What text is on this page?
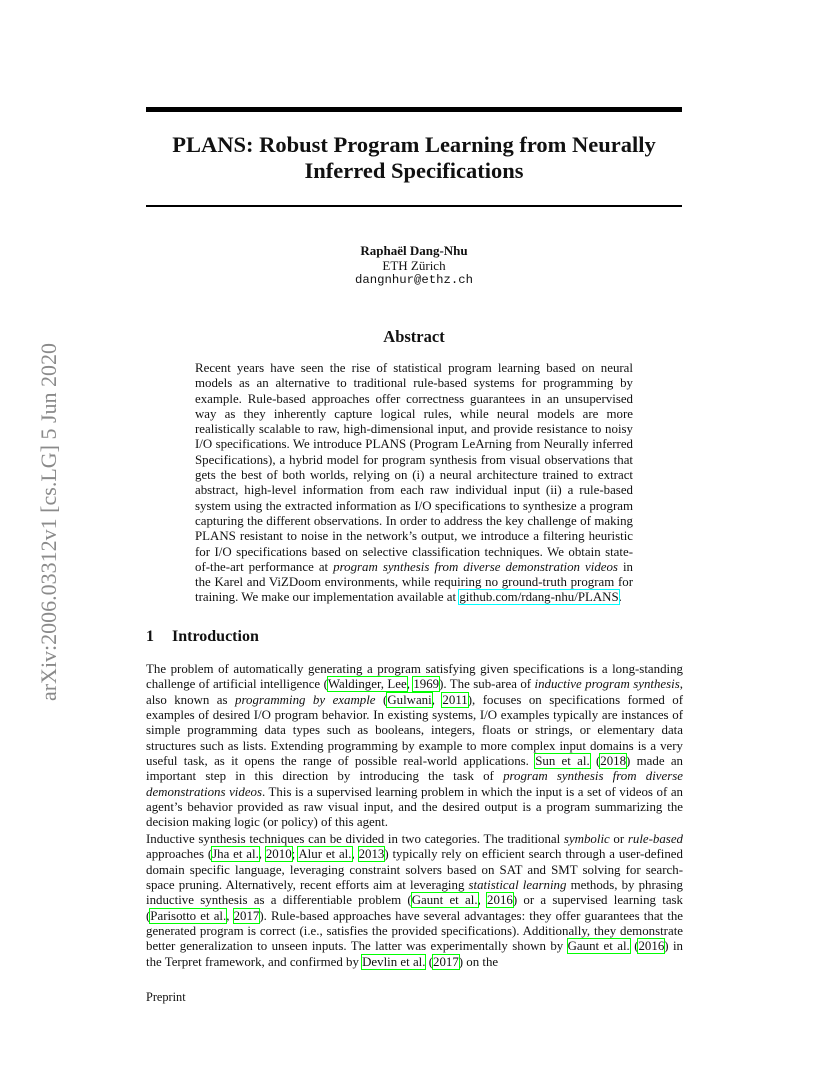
arXiv:2006.03312v1 [cs.LG] 5 Jun 2020
PLANS: Robust Program Learning from Neurally
Inferred Specifications
Raphaël Dang-Nhu
ETH Zürich
dangnhur@ethz.ch
Abstract
Recent years have seen the rise of statistical program learning based on neural models as an alternative to traditional rule-based systems for programming by example. Rule-based approaches offer correctness guarantees in an unsupervised way as they inherently capture logical rules, while neural models are more realistically scalable to raw, high-dimensional input, and provide resistance to noisy I/O specifications. We introduce PLANS (Program LeArning from Neurally inferred Specifications), a hybrid model for program synthesis from visual observations that gets the best of both worlds, relying on (i) a neural architecture trained to extract abstract, high-level information from each raw individual input (ii) a rule-based system using the extracted information as I/O specifications to synthesize a program capturing the different observations. In order to address the key challenge of making PLANS resistant to noise in the network’s output, we introduce a filtering heuristic for I/O specifications based on selective classification techniques. We obtain state-of-the-art performance at program synthesis from diverse demonstration videos in the Karel and ViZDoom environments, while requiring no ground-truth program for training. We make our implementation available at github.com/rdang-nhu/PLANS.
1 Introduction

The problem of automatically generating a program satisfying given specifications is a long-standing challenge of artificial intelligence (Waldinger, Lee, 1969). The sub-area of inductive program synthesis, also known as programming by example (Gulwani, 2011), focuses on specifications formed of examples of desired I/O program behavior. In existing systems, I/O examples typically are instances of simple programming data types such as booleans, integers, floats or strings, or elementary data structures such as lists. Extending programming by example to more complex input domains is a very useful task, as it opens the range of possible real-world applications. Sun et al. (2018) made an important step in this direction by introducing the task of program synthesis from diverse demonstrations videos. This is a supervised learning problem in which the input is a set of videos of an agent’s behavior provided as raw visual input, and the desired output is a program summarizing the decision making logic (or policy) of this agent.

Inductive synthesis techniques can be divided in two categories. The traditional symbolic or rule-based approaches (Jha et al., 2010; Alur et al., 2013) typically rely on efficient search through a user-defined domain specific language, leveraging constraint solvers based on SAT and SMT solving for search-space pruning. Alternatively, recent efforts aim at leveraging statistical learning methods, by phrasing inductive synthesis as a differentiable problem (Gaunt et al., 2016) or a supervised learning task (Parisotto et al., 2017). Rule-based approaches have several advantages: they offer guarantees that the generated program is correct (i.e., satisfies the provided specifications). Additionally, they demonstrate better generalization to unseen inputs. The latter was experimentally shown by Gaunt et al. (2016) in the Terpret framework, and confirmed by Devlin et al. (2017) on the

Preprint
